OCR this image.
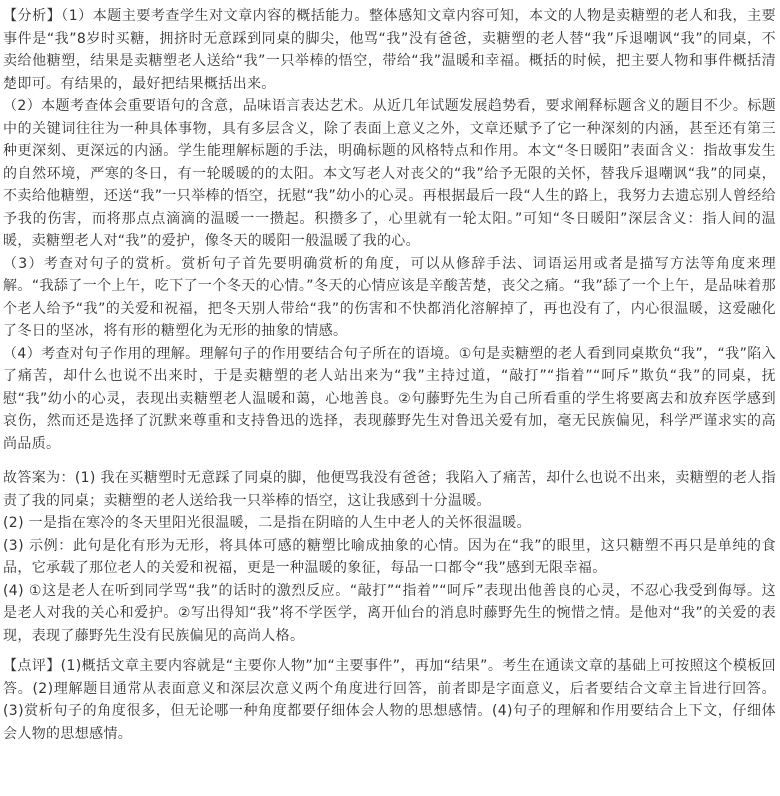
【分析】（1）本题主要考查学生对文章内容的概括能力。整体感知文章内容可知，本文的人物是卖糖塑的老人和我，主要事件是“我”8岁时买糖，拥挤时无意踩到同桌的脚尖，他骂“我”没有爸爸，卖糖塑的老人替“我”斥退嘲讽“我”的同桌，不卖给他糖塑，结果是卖糖塑老人送给“我”一只举棒的悟空，带给“我”温暖和幸福。概括的时候，把主要人物和事件概括清楚即可。有结果的，最好把结果概括出来。

（2）本题考查体会重要语句的含意，品味语言表达艺术。从近几年试题发展趋势看，要求阐释标题含义的题目不少。标题中的关键词往往为一种具体事物，具有多层含义，除了表面上意义之外，文章还赋予了它一种深刻的内涵，甚至还有第三种更深刻、更深远的内涵。学生能理解标题的手法，明确标题的风格特点和作用。本文“冬日暖阳”表面含义：指故事发生的自然环境，严寒的冬日，有一轮暖暖的的太阳。本文写老人对丧父的“我”给予无限的关怀，替我斥退嘲讽“我”的同桌，不卖给他糖塑，还送“我”一只举棒的悟空，抚慰“我”幼小的心灵。再根据最后一段“人生的路上，我努力去遗忘别人曾经给予我的伤害，而将那点点滴滴的温暖一一攒起。积攒多了，心里就有一轮太阳。”可知“冬日暖阳”深层含义：指人间的温暖，卖糖塑老人对“我”的爱护，像冬天的暖阳一般温暖了我的心。

（3）考查对句子的赏析。赏析句子首先要明确赏析的角度，可以从修辞手法、词语运用或者是描写方法等角度来理解。“我舔了一个上午，吃下了一个冬天的心情。”冬天的心情应该是辛酸苦楚，丧父之痛。“我”舔了一个上午，是品味着那个老人给予“我”的关爱和祝福，把冬天别人带给“我”的伤害和不快都消化溶解掉了，再也没有了，内心很温暖，这爱融化了冬日的坚冰，将有形的糖塑化为无形的抽象的情感。

（4）考查对句子作用的理解。理解句子的作用要结合句子所在的语境。①句是卖糖塑的老人看到同桌欺负“我”，“我”陷入了痛苦，却什么也说不出来时，于是卖糖塑的老人站出来为“我”主持过道，“敲打”“指着”“呵斥”欺负“我”的同桌，抚慰“我”幼小的心灵，表现出卖糖塑老人温暖和蔼，心地善良。②句藤野先生为自己所看重的学生将要离去和放弃医学感到哀伤，然而还是选择了沉默来尊重和支持鲁迅的选择，表现藤野先生对鲁迅关爱有加，毫无民族偏见，科学严谨求实的高尚品质。

故答案为：(1) 我在买糖塑时无意踩了同桌的脚，他便骂我没有爸爸；我陷入了痛苦，却什么也说不出来，卖糖塑的老人指责了我的同桌；卖糖塑的老人送给我一只举棒的悟空，这让我感到十分温暖。

(2) 一是指在寒冷的冬天里阳光很温暖，二是指在阴暗的人生中老人的关怀很温暖。

(3) 示例：此句是化有形为无形，将具体可感的糖塑比喻成抽象的心情。因为在“我”的眼里，这只糖塑不再只是单纯的食品，它承载了那位老人的关爱和祝福，更是一种温暖的象征，每品一口都令“我”感到无限幸福。

(4) ①这是老人在听到同学骂“我”的话时的激烈反应。“敲打”“指着”“呵斥”表现出他善良的心灵，不忍心我受到侮辱。这是老人对我的关心和爱护。②写出得知“我”将不学医学，离开仙台的消息时藤野先生的惋惜之情。是他对“我”的关爱的表现，表现了藤野先生没有民族偏见的高尚人格。

【点评】(1)概括文章主要内容就是“主要你人物”加“主要事件”，再加“结果”。考生在通读文章的基础上可按照这个模板回答。(2)理解题目通常从表面意义和深层次意义两个角度进行回答，前者即是字面意义，后者要结合文章主旨进行回答。(3)赏析句子的角度很多，但无论哪一种角度都要仔细体会人物的思想感情。(4)句子的理解和作用要结合上下文，仔细体会人物的思想感情。
